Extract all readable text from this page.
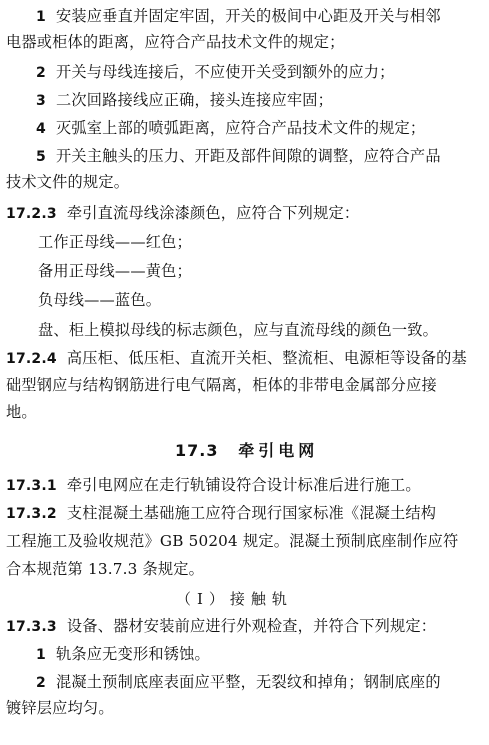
1 安装应垂直并固定牢固，开关的极间中心距及开关与相邻
电器或柜体的距离，应符合产品技术文件的规定；
2 开关与母线连接后，不应使开关受到额外的应力；
3 二次回路接线应正确，接头连接应牢固；
4 灭弧室上部的喷弧距离，应符合产品技术文件的规定；
5 开关主触头的压力、开距及部件间隙的调整，应符合产品
技术文件的规定。
17.2.3 牵引直流母线涂漆颜色，应符合下列规定：
工作正母线——红色；
备用正母线——黄色；
负母线——蓝色。
盘、柜上模拟母线的标志颜色，应与直流母线的颜色一致。
17.2.4 高压柜、低压柜、直流开关柜、整流柜、电源柜等设备的基
础型钢应与结构钢筋进行电气隔离，柜体的非带电金属部分应接
地。
17.3 牵引电网
17.3.1 牵引电网应在走行轨铺设符合设计标准后进行施工。
17.3.2 支柱混凝土基础施工应符合现行国家标准《混凝土结构
工程施工及验收规范》GB 50204 规定。混凝土预制底座制作应符
合本规范第 13.7.3 条规定。
（Ⅰ）接触轨
17.3.3 设备、器材安装前应进行外观检查，并符合下列规定：
1 轨条应无变形和锈蚀。
2 混凝土预制底座表面应平整，无裂纹和掉角；钢制底座的
镀锌层应均匀。
